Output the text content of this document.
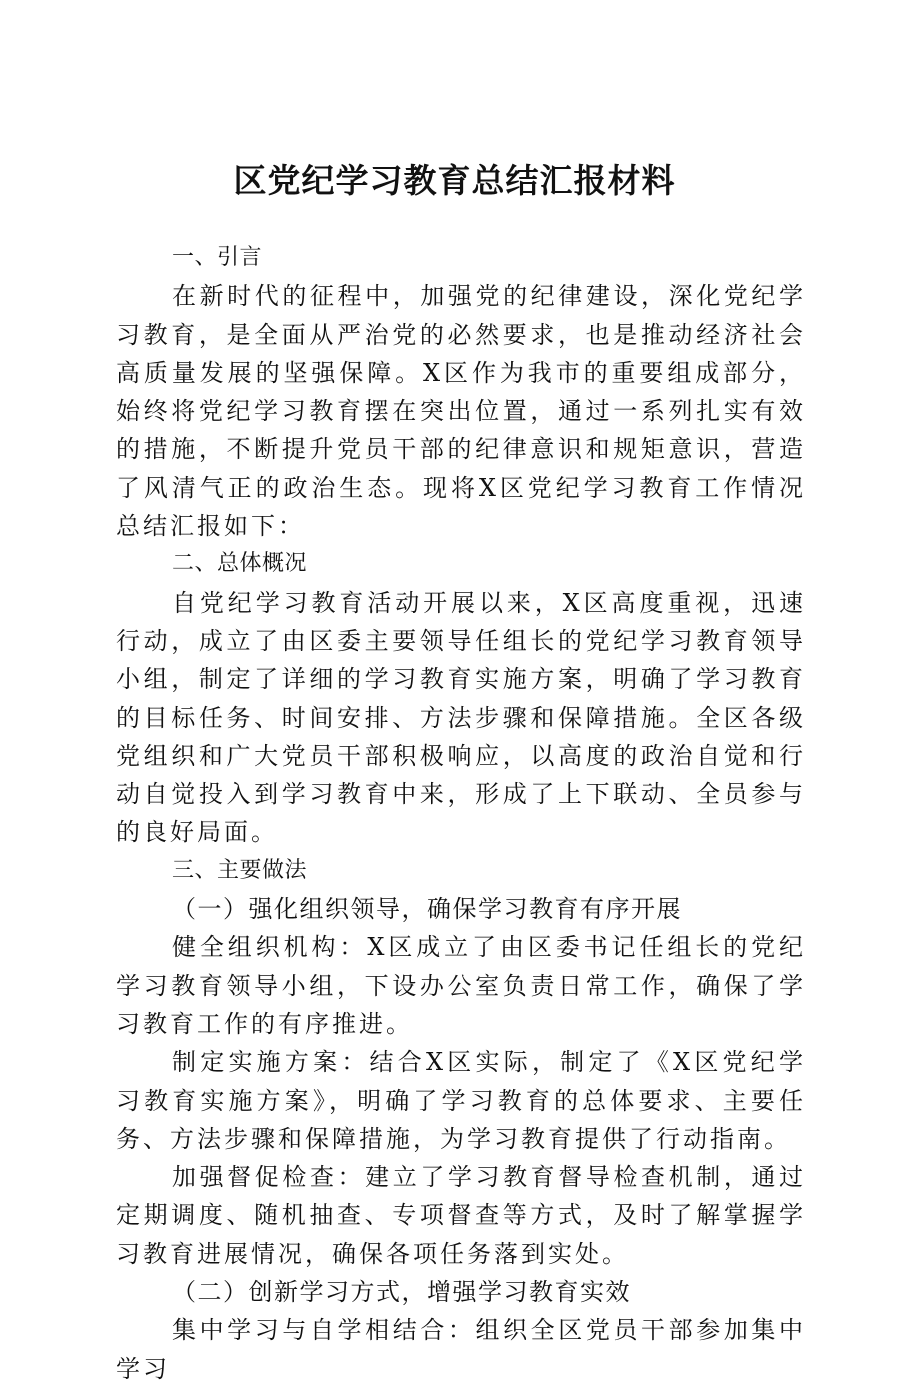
区党纪学习教育总结汇报材料
一、引言

在新时代的征程中，加强党的纪律建设，深化党纪学习教育，是全面从严治党的必然要求，也是推动经济社会高质量发展的坚强保障。X区作为我市的重要组成部分，始终将党纪学习教育摆在突出位置，通过一系列扎实有效的措施，不断提升党员干部的纪律意识和规矩意识，营造了风清气正的政治生态。现将X区党纪学习教育工作情况总结汇报如下：

二、总体概况

自党纪学习教育活动开展以来，X区高度重视，迅速行动，成立了由区委主要领导任组长的党纪学习教育领导小组，制定了详细的学习教育实施方案，明确了学习教育的目标任务、时间安排、方法步骤和保障措施。全区各级党组织和广大党员干部积极响应，以高度的政治自觉和行动自觉投入到学习教育中来，形成了上下联动、全员参与的良好局面。

三、主要做法
（一）强化组织领导，确保学习教育有序开展

健全组织机构：X区成立了由区委书记任组长的党纪学习教育领导小组，下设办公室负责日常工作，确保了学习教育工作的有序推进。

制定实施方案：结合X区实际，制定了《X区党纪学习教育实施方案》，明确了学习教育的总体要求、主要任务、方法步骤和保障措施，为学习教育提供了行动指南。

加强督促检查：建立了学习教育督导检查机制，通过定期调度、随机抽查、专项督查等方式，及时了解掌握学习教育进展情况，确保各项任务落到实处。

（二）创新学习方式，增强学习教育实效

集中学习与自学相结合：组织全区党员干部参加集中学习
